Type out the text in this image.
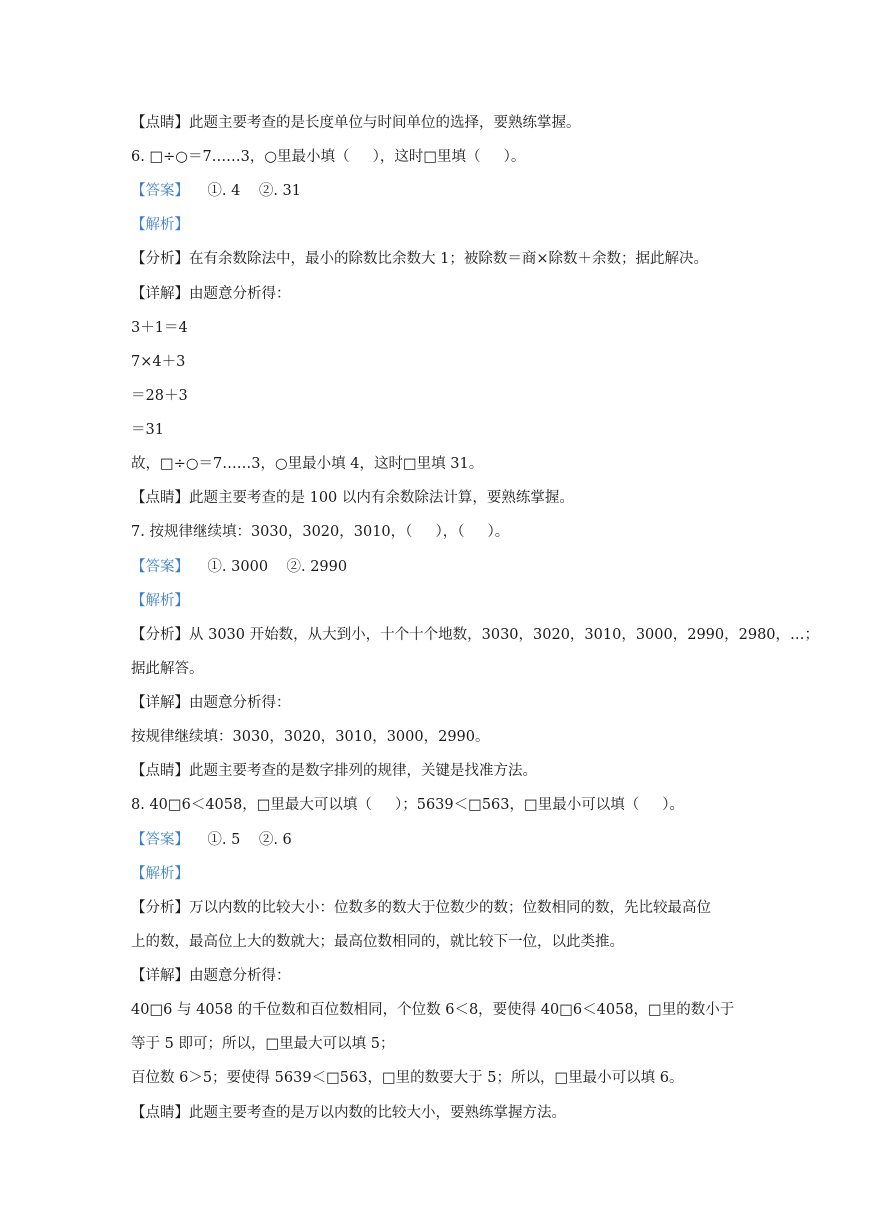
【点睛】此题主要考查的是长度单位与时间单位的选择，要熟练掌握。

6. □÷○＝7……3，○里最小填（     ），这时□里填（     ）。

【答案】    ①. 4    ②. 31

【解析】

【分析】在有余数除法中，最小的除数比余数大 1；被除数＝商×除数＋余数；据此解决。

【详解】由题意分析得：

3＋1＝4

7×4＋3

＝28＋3

＝31

故，□÷○＝7……3，○里最小填 4，这时□里填 31。

【点睛】此题主要考查的是 100 以内有余数除法计算，要熟练掌握。

7. 按规律继续填：3030，3020，3010，（     ），（     ）。

【答案】    ①. 3000    ②. 2990

【解析】

【分析】从 3030 开始数，从大到小，十个十个地数，3030，3020，3010，3000，2990，2980，…；

据此解答。

【详解】由题意分析得：

按规律继续填：3030，3020，3010，3000，2990。

【点睛】此题主要考查的是数字排列的规律，关键是找准方法。

8. 40□6＜4058，□里最大可以填（     ）；5639＜□563，□里最小可以填（     ）。

【答案】    ①. 5    ②. 6

【解析】

【分析】万以内数的比较大小：位数多的数大于位数少的数；位数相同的数，先比较最高位

上的数，最高位上大的数就大；最高位数相同的，就比较下一位，以此类推。

【详解】由题意分析得：

40□6 与 4058 的千位数和百位数相同，个位数 6＜8，要使得 40□6＜4058，□里的数小于

等于 5 即可；所以，□里最大可以填 5；

百位数 6＞5；要使得 5639＜□563，□里的数要大于 5；所以，□里最小可以填 6。

【点睛】此题主要考查的是万以内数的比较大小，要熟练掌握方法。
